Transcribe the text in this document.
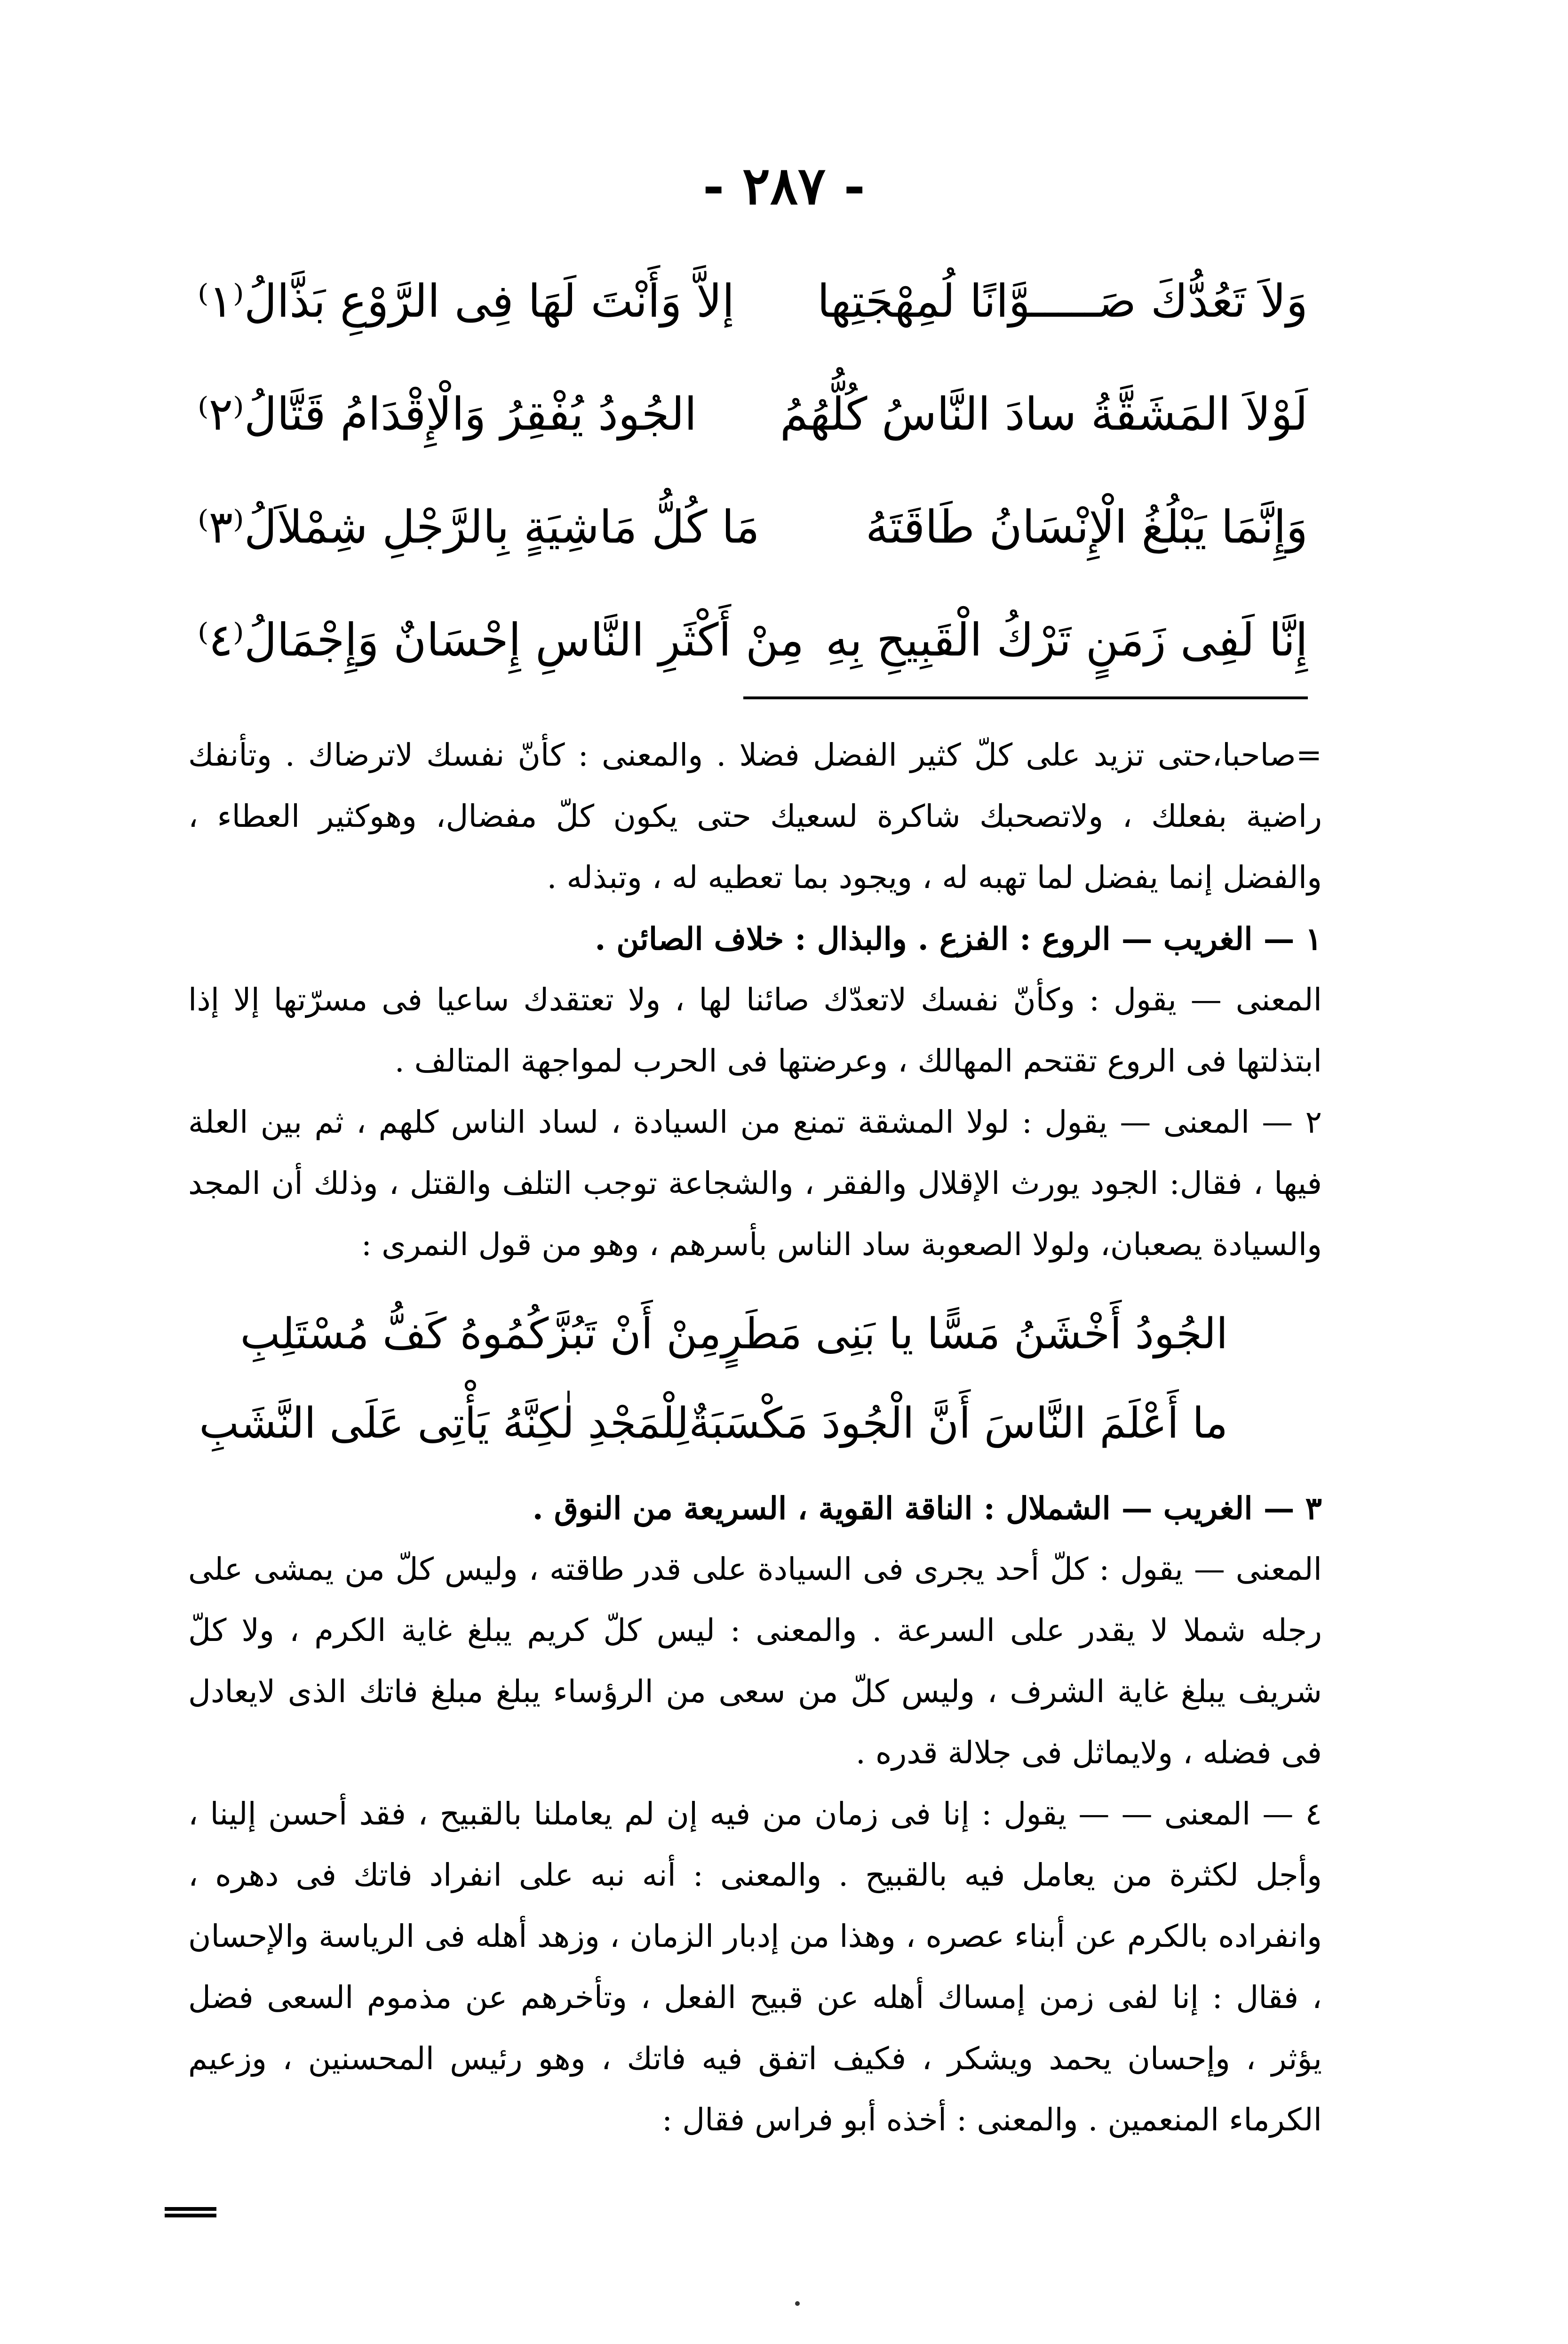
- ٢٨٧ -
وَلاَ تَعُدُّكَ صَـــــوَّانًا لُمِهْجَتِها
إلاَّ وَأَنْتَ لَهَا فِى الرَّوْعِ بَذَّالُ⁽١⁾
لَوْلاَ المَشَقَّةُ سادَ النَّاسُ كُلُّهُمُ
الجُودُ يُفْقِرُ وَالْإِقْدَامُ قَتَّالُ⁽٢⁾
وَإِنَّمَا يَبْلُغُ الْإِنْسَانُ طَاقَتَهُ
مَا كُلُّ مَاشِيَةٍ بِالرَّجْلِ شِمْلاَلُ⁽٣⁾
إِنَّا لَفِى زَمَنٍ تَرْكُ الْقَبِيحِ بِهِ
مِنْ أَكْثَرِ النَّاسِ إِحْسَانٌ وَإِجْمَالُ⁽٤⁾

=صاحبا،حتى تزيد على كلّ كثير الفضل فضلا . والمعنى : كأنّ نفسك لاترضاك . وتأنفك راضية بفعلك ، ولاتصحبك شاكرة لسعيك حتى يكون كلّ مفضال، وهوكثير العطاء ، والفضل إنما يفضل لما تهبه له ، ويجود بما تعطيه له ، وتبذله .

١ — الغريب — الروع : الفزع . والبذال : خلاف الصائن .

المعنى — يقول : وكأنّ نفسك لاتعدّك صائنا لها ، ولا تعتقدك ساعيا فى مسرّتها إلا إذا ابتذلتها فى الروع تقتحم المهالك ، وعرضتها فى الحرب لمواجهة المتالف .

٢ — المعنى — يقول : لولا المشقة تمنع من السيادة ، لساد الناس كلهم ، ثم بين العلة فيها ، فقال: الجود يورث الإقلال والفقر ، والشجاعة توجب التلف والقتل ، وذلك أن المجد والسيادة يصعبان، ولولا الصعوبة ساد الناس بأسرهم ، وهو من قول النمرى :

الجُودُ أَخْشَنُ مَسًّا يا بَنِى مَطَرٍ
مِنْ أَنْ تَبُزَّكُمُوهُ كَفُّ مُسْتَلِبِ
ما أَعْلَمَ النَّاسَ أَنَّ الْجُودَ مَكْسَبَةٌ
لِلْمَجْدِ لٰكِنَّهُ يَأْتِى عَلَى النَّشَبِ

٣ — الغريب — الشملال : الناقة القوية ، السريعة من النوق .

المعنى — يقول : كلّ أحد يجرى فى السيادة على قدر طاقته ، وليس كلّ من يمشى على رجله شملا لا يقدر على السرعة . والمعنى : ليس كلّ كريم يبلغ غاية الكرم ، ولا كلّ شريف يبلغ غاية الشرف ، وليس كلّ من سعى من الرؤساء يبلغ مبلغ فاتك الذى لايعادل فى فضله ، ولايماثل فى جلالة قدره .

٤ — المعنى — — يقول : إنا فى زمان من فيه إن لم يعاملنا بالقبيح ، فقد أحسن إلينا ، وأجل لكثرة من يعامل فيه بالقبيح . والمعنى : أنه نبه على انفراد فاتك فى دهره ، وانفراده بالكرم عن أبناء عصره ، وهذا من إدبار الزمان ، وزهد أهله فى الرياسة والإحسان ، فقال : إنا لفى زمن إمساك أهله عن قبيح الفعل ، وتأخرهم عن مذموم السعى فضل يؤثر ، وإحسان يحمد ويشكر ، فكيف اتفق فيه فاتك ، وهو رئيس المحسنين ، وزعيم الكرماء المنعمين . والمعنى : أخذه أبو فراس فقال :
